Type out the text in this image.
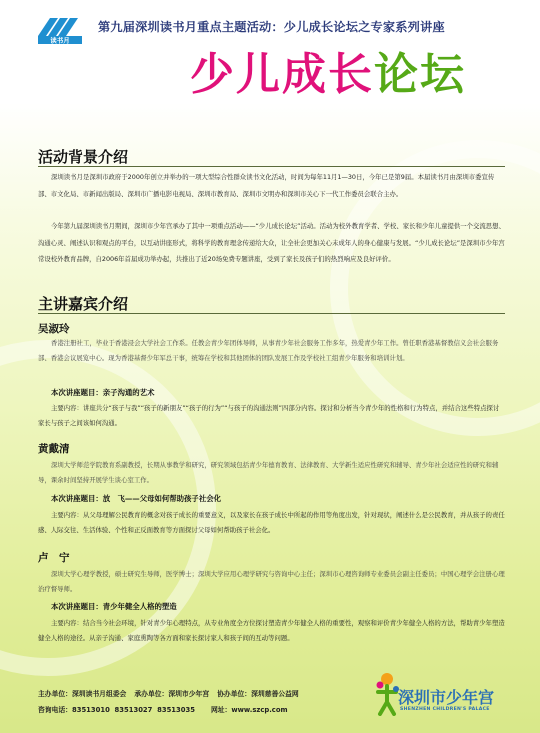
读书月
第九届深圳读书月重点主题活动：少儿成长论坛之专家系列讲座
少儿成长论坛
活动背景介绍
深圳读书月是深圳市政府于2000年创立并举办的一项大型综合性群众读书文化活动，时间为每年11月1—30日，今年已是第9届。本届读书月由深圳市委宣传部、市文化局、市新闻出版局、深圳市广播电影电视局、深圳市教育局、深圳市文明办和深圳市关心下一代工作委员会联合主办。
今年第九届深圳读书月期间，深圳市少年宫承办了其中一项重点活动——“少儿成长论坛”活动。活动为校外教育学者、学校、家长和少年儿童提供一个交流思想、沟通心灵、阐述认识和观点的平台，以互动讲座形式，将科学的教育理念传递给大众，让全社会更加关心未成年人的身心健康与发展。“少儿成长论坛”是深圳市少年宫常设校外教育品牌，自2006年首届成功举办起，共推出了近20场免费专题讲座，受到了家长及孩子们的热烈响应及良好评价。
主讲嘉宾介绍
吴淑玲
香港注册社工，毕业于香港浸会大学社会工作系。任教会青少年团体导师，从事青少年社会服务工作多年，热爱青少年工作。曾任职香港基督教信义会社会服务部、香港会议展览中心。现为香港基督少年军总干事，统筹在学校和其他团体的团队发展工作及学校社工组青少年服务和培训计划。
本次讲座题目：亲子沟通的艺术
主要内容：讲座共分“孩子与我”“孩子的新朋友”“孩子的行为”“与孩子的沟通法则”四部分内容。探讨和分析当今青少年的性格和行为特点，并结合这些特点探讨家长与孩子之间该如何沟通。
黄戴清
深圳大学师范学院教育系副教授，长期从事教学和研究，研究领域包括青少年德育教育、法律教育、大学新生适应性研究和辅导、青少年社会适应性的研究和辅导，课余时间坚持开展学生谈心室工作。
本次讲座题目：放　飞——父母如何帮助孩子社会化
主要内容：从父母理解公民教育的概念对孩子成长的重要意义，以及家长在孩子成长中所起的作用等角度出发，针对现状，阐述什么是公民教育，并从孩子的责任感、人际交往、生活体验、个性和正反面教育等方面探讨父母如何帮助孩子社会化。
卢　宁
深圳大学心理学教授，硕士研究生导师，医学博士；深圳大学应用心理学研究与咨询中心主任；深圳市心理咨询师专业委员会副主任委员；中国心理学会注册心理治疗督导师。
本次讲座题目：青少年健全人格的塑造
主要内容：结合当今社会环境，针对青少年心理特点，从专业角度全方位探讨塑造青少年健全人格的重要性，观察和评价青少年健全人格的方法，帮助青少年塑造健全人格的途径。从亲子沟通、家庭熏陶等各方面和家长探讨家人和孩子间的互动等问题。
主办单位：深圳读书月组委会 承办单位：深圳市少年宫 协办单位：深圳慈善公益网
咨询电话：83513010  83513027  83513035 网址：www.szcp.com
深圳市少年宫
SHENZHEN CHILDREN'S PALACE
